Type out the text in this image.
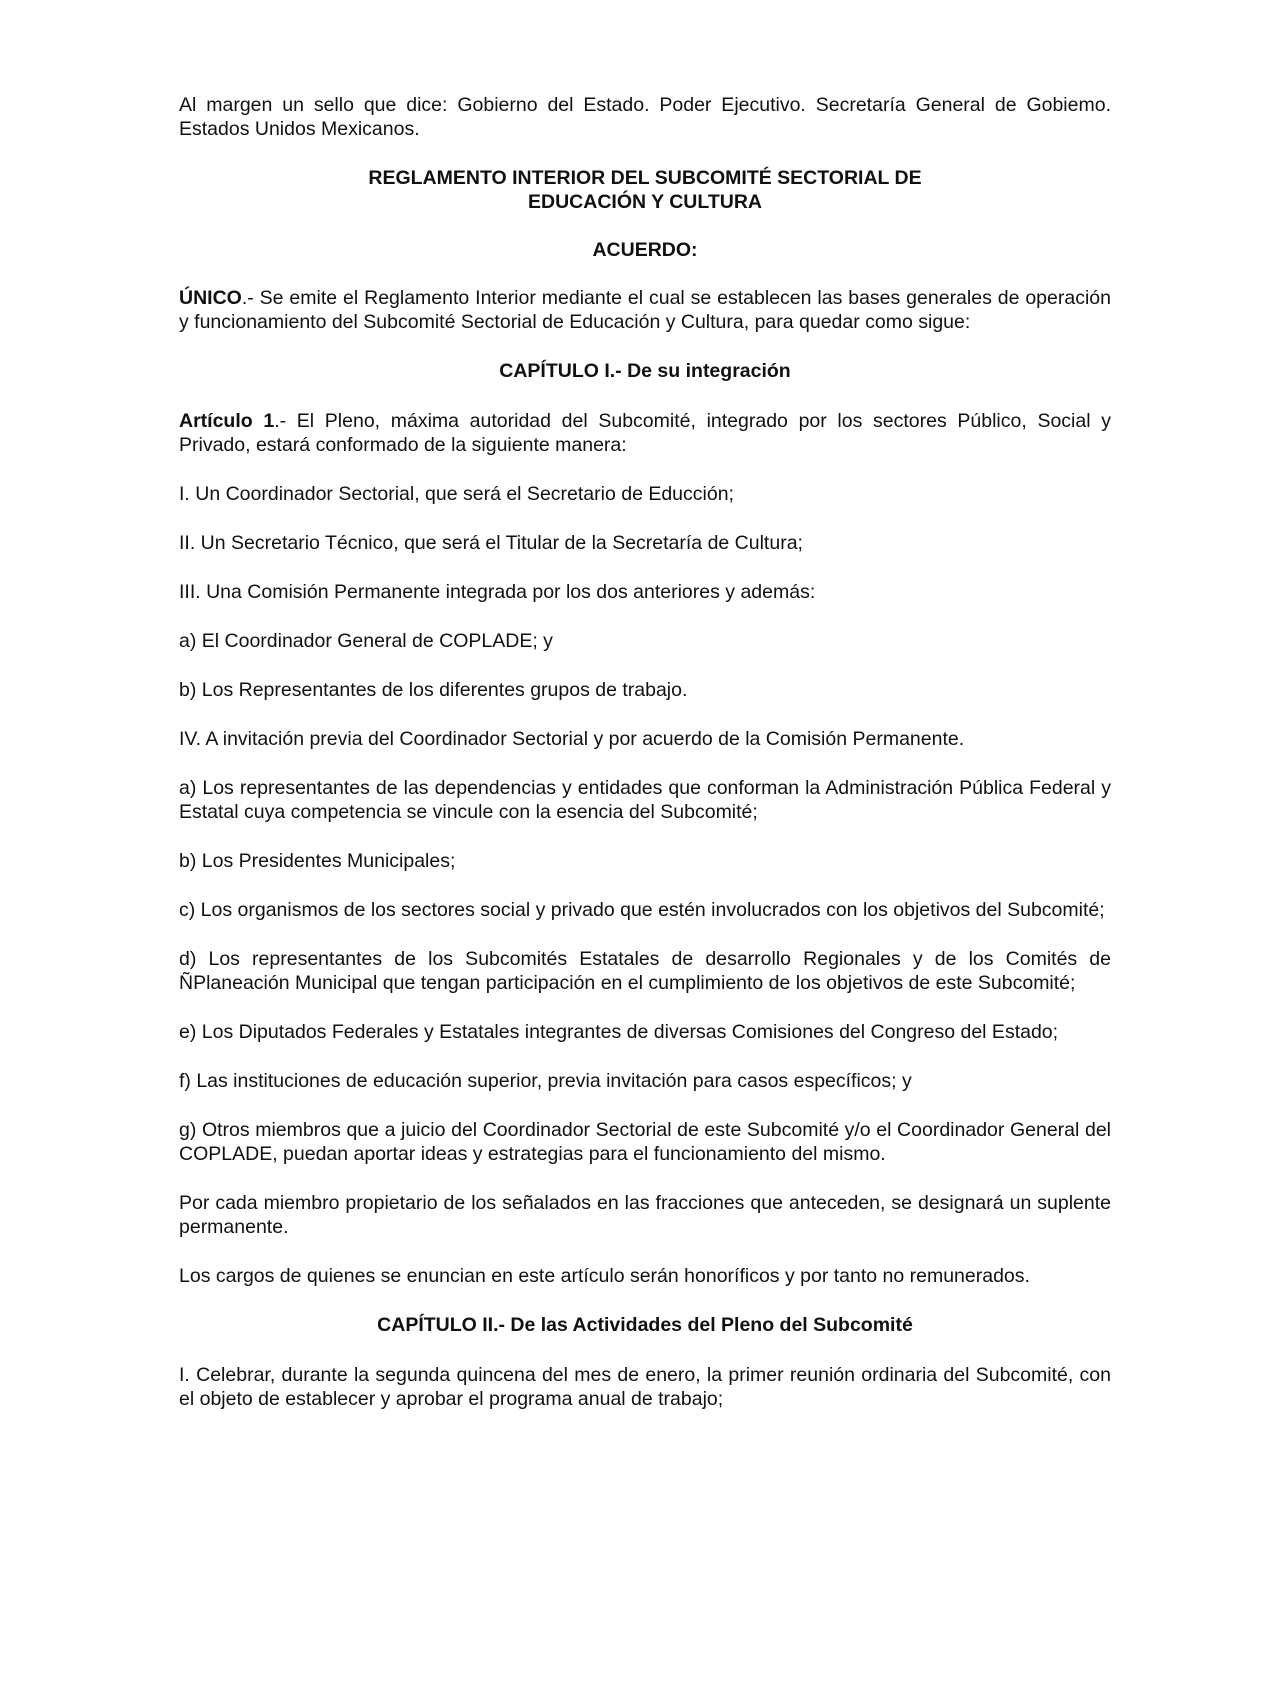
Al margen un sello que dice: Gobierno del Estado. Poder Ejecutivo. Secretaría General de Gobiemo. Estados Unidos Mexicanos.

REGLAMENTO INTERIOR DEL SUBCOMITÉ SECTORIAL DE
EDUCACIÓN Y CULTURA

ACUERDO:

ÚNICO.- Se emite el Reglamento Interior mediante el cual se establecen las bases generales de operación y funcionamiento del Subcomité Sectorial de Educación y Cultura, para quedar como sigue:

CAPÍTULO I.- De su integración

Artículo 1.- El Pleno, máxima autoridad del Subcomité, integrado por los sectores Público, Social y Privado, estará conformado de la siguiente manera:

I. Un Coordinador Sectorial, que será el Secretario de Educción;

II. Un Secretario Técnico, que será el Titular de la Secretaría de Cultura;

III. Una Comisión Permanente integrada por los dos anteriores y además:

a) El Coordinador General de COPLADE; y

b) Los Representantes de los diferentes grupos de trabajo.

IV. A invitación previa del Coordinador Sectorial y por acuerdo de la Comisión Permanente.

a) Los representantes de las dependencias y entidades que conforman la Administración Pública Federal y Estatal cuya competencia se vincule con la esencia del Subcomité;

b) Los Presidentes Municipales;

c) Los organismos de los sectores social y privado que estén involucrados con los objetivos del Subcomité;

d) Los representantes de los Subcomités Estatales de desarrollo Regionales y de los Comités de ÑPlaneación Municipal que tengan participación en el cumplimiento de los objetivos de este Subcomité;

e) Los Diputados Federales y Estatales integrantes de diversas Comisiones del Congreso del Estado;

f) Las instituciones de educación superior, previa invitación para casos específicos; y

g) Otros miembros que a juicio del Coordinador Sectorial de este Subcomité y/o el Coordinador General del COPLADE, puedan aportar ideas y estrategias para el funcionamiento del mismo.

Por cada miembro propietario de los señalados en las fracciones que anteceden, se designará un suplente permanente.

Los cargos de quienes se enuncian en este artículo serán honoríficos y por tanto no remunerados.

CAPÍTULO II.- De las Actividades del Pleno del Subcomité

I. Celebrar, durante la segunda quincena del mes de enero, la primer reunión ordinaria del Subcomité, con el objeto de establecer y aprobar el programa anual de trabajo;
